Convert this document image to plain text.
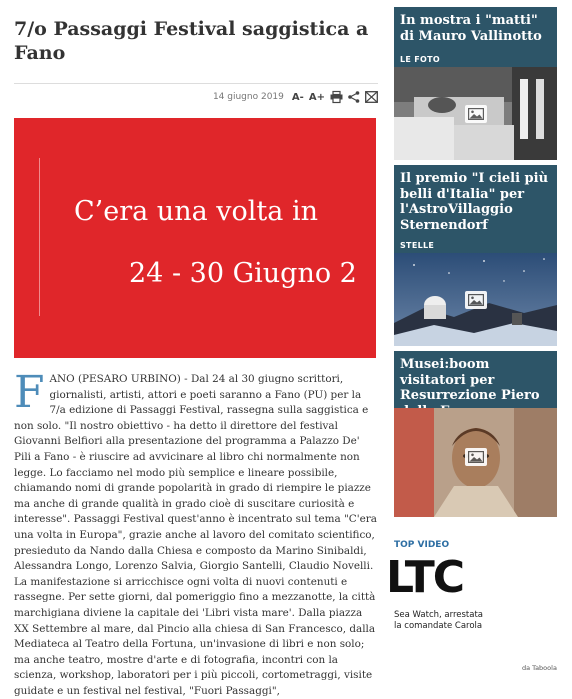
7/o Passaggi Festival saggistica a Fano
14 giugno 2019 A- A+
C’era una volta in
24 - 30 Giugno 2
F ANO (PESARO URBINO) - Dal 24 al 30 giugno scrittori, giornalisti, artisti, attori e poeti saranno a Fano (PU) per la 7/a edizione di Passaggi Festival, rassegna sulla saggistica e non solo. "Il nostro obiettivo - ha detto il direttore del festival Giovanni Belfiori alla presentazione del programma a Palazzo De' Pili a Fano - è riuscire ad avvicinare al libro chi normalmente non legge. Lo facciamo nel modo più semplice e lineare possibile, chiamando nomi di grande popolarità in grado di riempire le piazze ma anche di grande qualità in grado cioè di suscitare curiosità e interesse". Passaggi Festival quest'anno è incentrato sul tema "C'era una volta in Europa", grazie anche al lavoro del comitato scientifico, presieduto da Nando dalla Chiesa e composto da Marino Sinibaldi, Alessandra Longo, Lorenzo Salvia, Giorgio Santelli, Claudio Novelli. La manifestazione si arricchisce ogni volta di nuovi contenuti e rassegne. Per sette giorni, dal pomeriggio fino a mezzanotte, la città marchigiana diviene la capitale dei 'Libri vista mare'. Dalla piazza XX Settembre al mare, dal Pincio alla chiesa di San Francesco, dalla Mediateca al Teatro della Fortuna, un'invasione di libri e non solo; ma anche teatro, mostre d'arte e di fotografia, incontri con la scienza, workshop, laboratori per i più piccoli, cortometraggi, visite guidate e un festival nel festival, "Fuori Passaggi",

In mostra i "matti" di Mauro Vallinotto
LE FOTO
Il premio "I cieli più belli d'Italia" per l'AstroVillaggio Sternendorf
STELLE
Musei:boom visitatori per Resurrezione Piero
TOP VIDEO
LTC
Sea Watch, arrestata la comandate Carola
da Taboola
